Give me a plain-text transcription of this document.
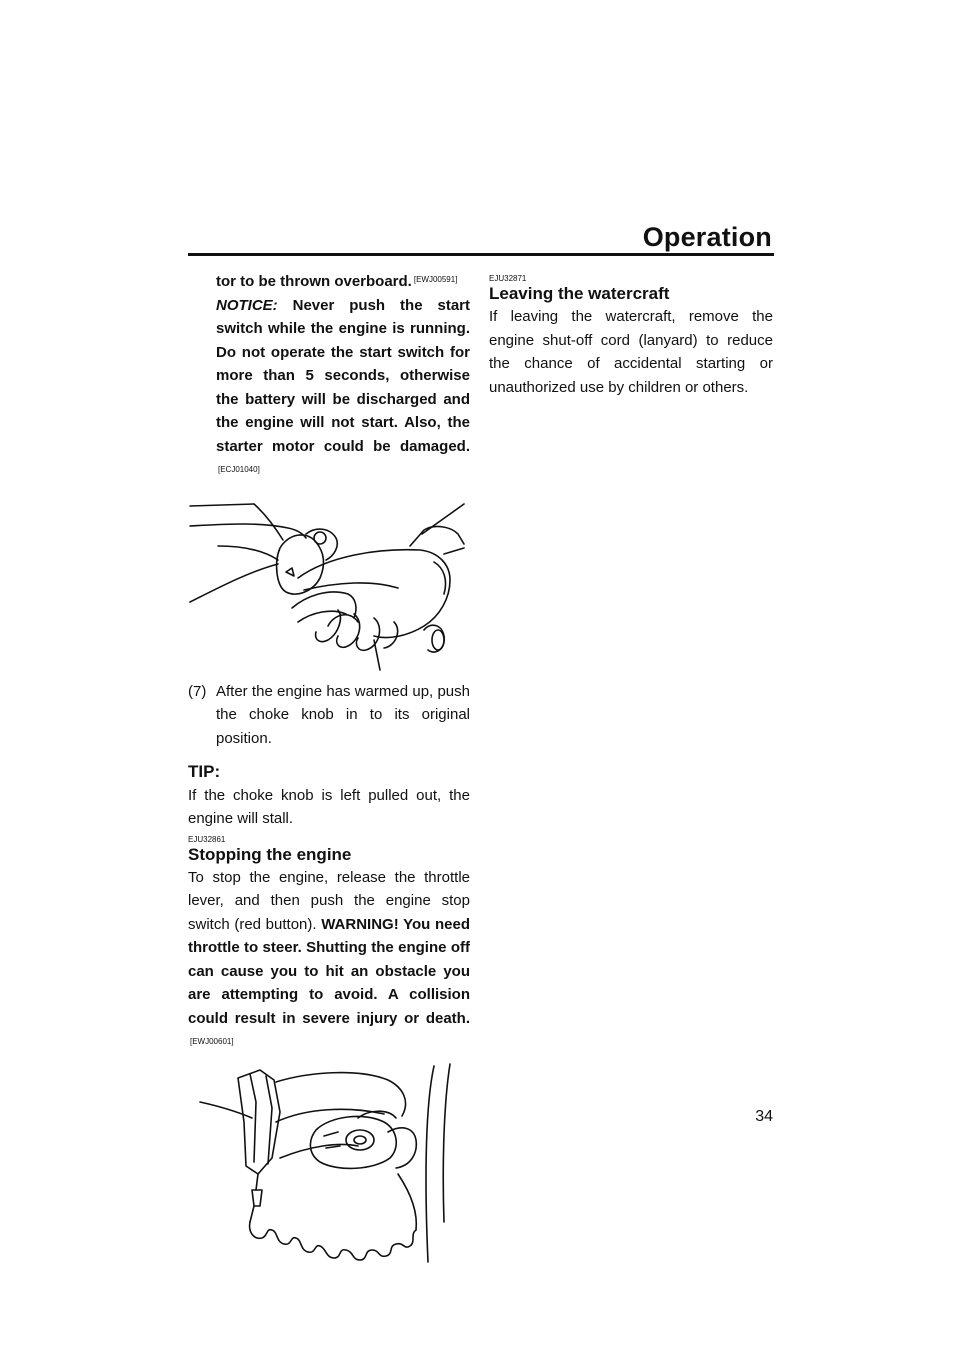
Operation

tor to be thrown overboard. [EWJ00591]

NOTICE: Never push the start switch while the engine is running. Do not operate the start switch for more than 5 seconds, otherwise the battery will be discharged and the engine will not start. Also, the starter motor could be damaged.[ECJ01040]

(7) After the engine has warmed up, push the choke knob in to its original position.
TIP:

If the choke knob is left pulled out, the engine will stall.

EJU32861
Stopping the engine

To stop the engine, release the throttle lever, and then push the engine stop switch (red button). WARNING! You need throttle to steer. Shutting the engine off can cause you to hit an obstacle you are attempting to avoid. A collision could result in severe injury or death.[EWJ00601]

EJU32871
Leaving the watercraft

If leaving the watercraft, remove the engine shut-off cord (lanyard) to reduce the chance of accidental starting or unauthorized use by children or others.

34
